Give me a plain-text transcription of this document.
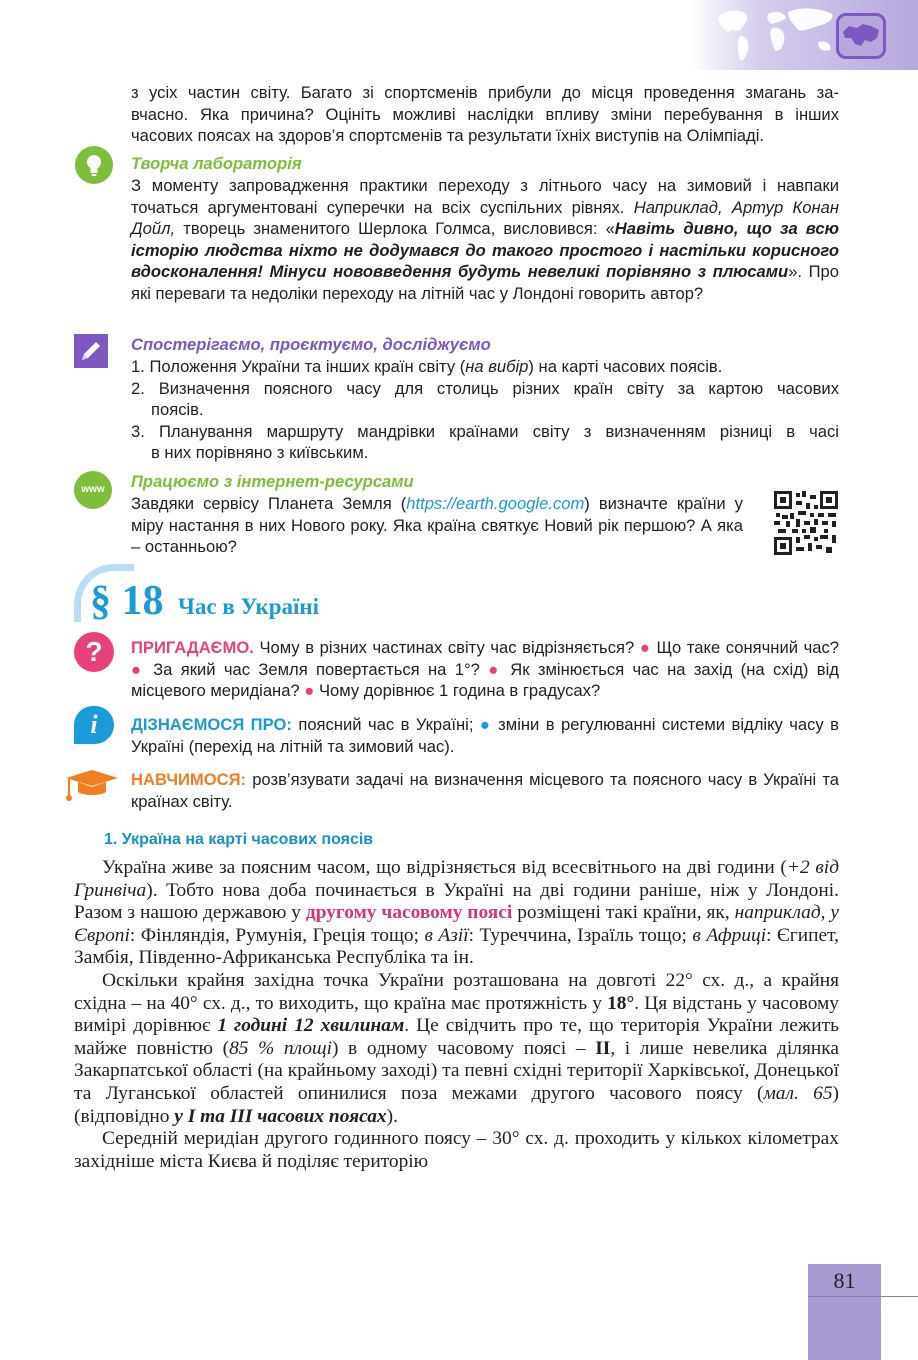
з усіх частин світу. Багато зі спортсменів прибули до місця проведення змагань за-
вчасно. Яка причина? Оцініть можливі наслідки впливу зміни перебування в інших
часових поясах на здоров’я спортсменів та результати їхніх виступів на Олімпіаді.
Творча лабораторія
З моменту запровадження практики переходу з літнього часу на зимовий і навпаки точаться аргументовані суперечки на всіх суспільних рівнях. Наприклад, Артур Конан Дойл, творець знаменитого Шерлока Голмса, висловився: «Навіть дивно, що за всю історію людства ніхто не додумався до такого простого і настільки корисного вдосконалення! Мінуси нововведення будуть невеликі порівняно з плюсами». Про які переваги та недоліки переходу на літній час у Лондоні говорить автор?
Спостерігаємо, проєктуємо, досліджуємо
1. Положення України та інших країн світу (на вибір) на карті часових поясів.
2. Визначення поясного часу для столиць різних країн світу за картою часових
поясів.
3. Планування маршруту мандрівки країнами світу з визначенням різниці в часі
в них порівняно з київським.
www	Працюємо з інтернет-ресурсами
Завдяки сервісу Планета Земля (https://earth.google.com) визначте країни у міру настання в них Нового року. Яка країна святкує Новий рік першою? А яка – останньою?
§ 18 Час в Україні
?	ПРИГАДАЄМО. Чому в різних частинах світу час відрізняється? ● Що таке сонячний час? ● За який час Земля повертається на 1°? ● Як змінюється час на захід (на схід) від місцевого меридіана? ● Чому дорівнює 1 година в градусах?
i	ДІЗНАЄМОСЯ ПРО: поясний час в Україні; ● зміни в регулюванні системи відліку часу в Україні (перехід на літній та зимовий час).
НАВЧИМОСЯ: розв’язувати задачі на визначення місцевого та поясного часу в Україні та країнах світу.
1. Україна на карті часових поясів
Україна живе за поясним часом, що відрізняється від всесвітнього на дві години (+2 від Гринвіча). Тобто нова доба починається в Україні на дві години раніше, ніж у Лондоні. Разом з нашою державою у другому часовому поясі розміщені такі країни, як, наприклад, у Європі: Фінляндія, Румунія, Греція тощо; в Азії: Туреччина, Ізраїль тощо; в Африці: Єгипет, Замбія, Південно-Африканська Республіка та ін.
Оскільки крайня західна точка України розташована на довготі 22° сх. д., а крайня східна – на 40° сх. д., то виходить, що країна має протяжність у 18°. Ця відстань у часовому вимірі дорівнює 1 годині 12 хвилинам. Це свідчить про те, що територія України лежить майже повністю (85 % площі) в одному часовому поясі – ІІ, і лише невелика ділянка Закарпатської області (на крайньому заході) та певні східні території Харківської, Донецької та Луганської областей опинилися поза межами другого часового поясу (мал. 65) (відповідно у І та ІІІ часових поясах).
Середній меридіан другого годинного поясу – 30° сх. д. проходить у кількох кілометрах західніше міста Києва й поділяє територію
81
